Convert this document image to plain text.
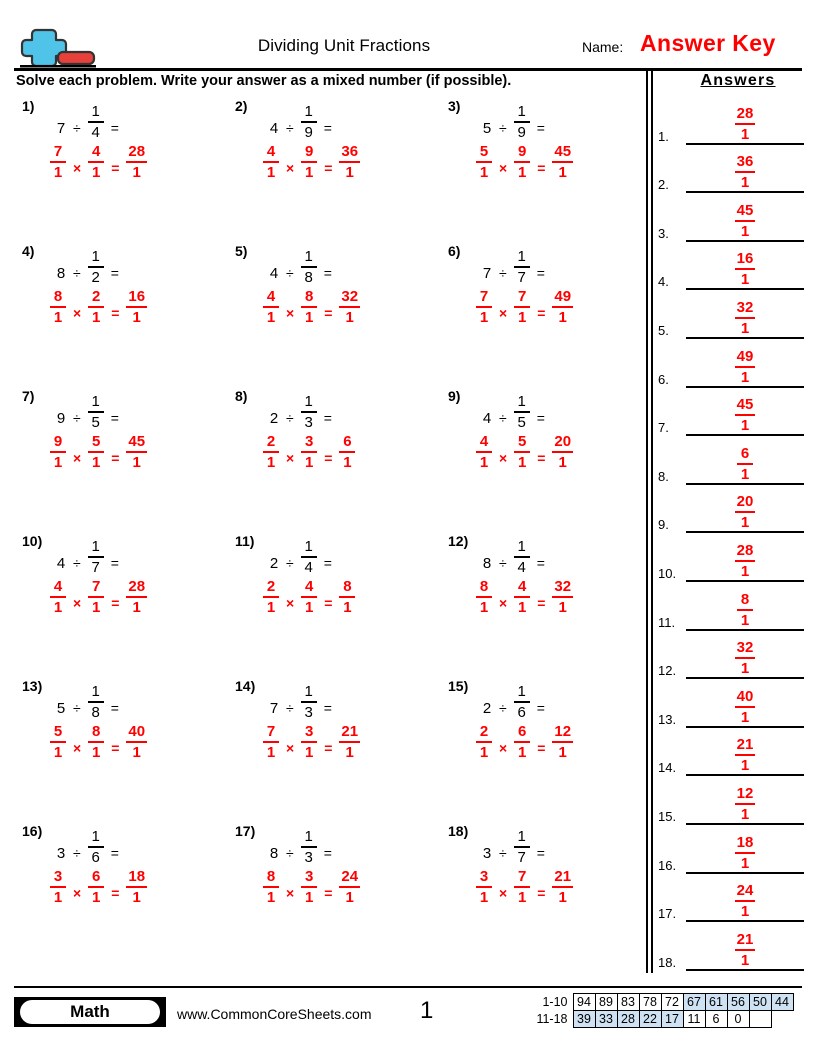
Dividing Unit Fractions	Name: Answer Key
Solve each problem. Write your answer as a mixed number (if possible).	Answers
1)
$7 \div \frac{1}{4}$ =
$\frac{7}{1} \times \frac{4}{1} = \frac{28}{1}$
2)
$4 \div \frac{1}{9}$ =
$\frac{4}{1} \times \frac{9}{1} = \frac{36}{1}$
3)
$5 \div \frac{1}{9}$ =
$\frac{5}{1} \times \frac{9}{1} = \frac{45}{1}$
4)
$8 \div \frac{1}{2}$ =
$\frac{8}{1} \times \frac{2}{1} = \frac{16}{1}$
5)
$4 \div \frac{1}{8}$ =
$\frac{4}{1} \times \frac{8}{1} = \frac{32}{1}$
6)
$7 \div \frac{1}{7}$ =
$\frac{7}{1} \times \frac{7}{1} = \frac{49}{1}$
7)
$9 \div \frac{1}{5}$ =
$\frac{9}{1} \times \frac{5}{1} = \frac{45}{1}$
8)
$2 \div \frac{1}{3}$ =
$\frac{2}{1} \times \frac{3}{1} = \frac{6}{1}$
9)
$4 \div \frac{1}{5}$ =
$\frac{4}{1} \times \frac{5}{1} = \frac{20}{1}$
10)
$4 \div \frac{1}{7}$ =
$\frac{4}{1} \times \frac{7}{1} = \frac{28}{1}$
11)
$2 \div \frac{1}{4}$ =
$\frac{2}{1} \times \frac{4}{1} = \frac{8}{1}$
12)
$8 \div \frac{1}{4}$ =
$\frac{8}{1} \times \frac{4}{1} = \frac{32}{1}$
13)
$5 \div \frac{1}{8}$ =
$\frac{5}{1} \times \frac{8}{1} = \frac{40}{1}$
14)
$7 \div \frac{1}{3}$ =
$\frac{7}{1} \times \frac{3}{1} = \frac{21}{1}$
15)
$2 \div \frac{1}{6}$ =
$\frac{2}{1} \times \frac{6}{1} = \frac{12}{1}$
16)
$3 \div \frac{1}{6}$ =
$\frac{3}{1} \times \frac{6}{1} = \frac{18}{1}$
17)
$8 \div \frac{1}{3}$ =
$\frac{8}{1} \times \frac{3}{1} = \frac{24}{1}$
18)
$3 \div \frac{1}{7}$ =
$\frac{3}{1} \times \frac{7}{1} = \frac{21}{1}$
1.	$\frac{28}{1}$
2.	$\frac{36}{1}$
3.	$\frac{45}{1}$
4.	$\frac{16}{1}$
5.	$\frac{32}{1}$
6.	$\frac{49}{1}$
7.	$\frac{45}{1}$
8.	$\frac{6}{1}$
9.	$\frac{20}{1}$
10.	$\frac{28}{1}$
11.	$\frac{8}{1}$
12.	$\frac{32}{1}$
13.	$\frac{40}{1}$
14.	$\frac{21}{1}$
15.	$\frac{12}{1}$
16.	$\frac{18}{1}$
17.	$\frac{24}{1}$
18.	$\frac{21}{1}$
Math	www.CommonCoreSheets.com 1	1-10	94	89	83	78	72	67	61	56	50	44
11-18	39	33	28	22	17	11	6	0		
